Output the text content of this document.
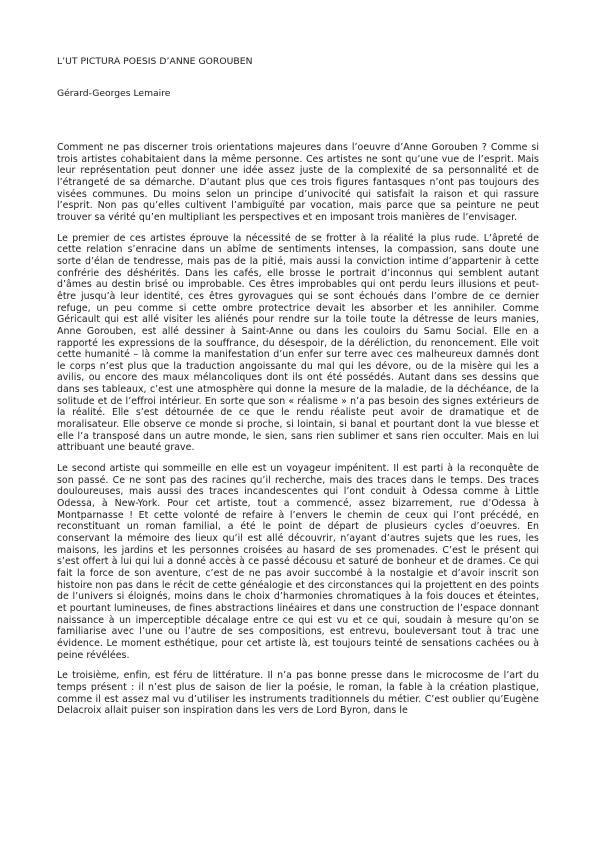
L’UT PICTURA POESIS D’ANNE GOROUBEN

Gérard-Georges Lemaire

Comment ne pas discerner trois orientations majeures dans l’oeuvre d’Anne Gorouben ? Comme si trois artistes cohabitaient dans la même personne. Ces artistes ne sont qu’une vue de l’esprit. Mais leur représentation peut donner une idée assez juste de la complexité de sa personnalité et de l’étrangeté de sa démarche. D’autant plus que ces trois figures fantasques n’ont pas toujours des visées communes. Du moins selon un principe d’univocité qui satisfait la raison et qui rassure l’esprit. Non pas qu’elles cultivent l’ambiguïté par vocation, mais parce que sa peinture ne peut trouver sa vérité qu’en multipliant les perspectives et en imposant trois manières de l’envisager.

Le premier de ces artistes éprouve la nécessité de se frotter à la réalité la plus rude. L’âpreté de cette relation s’enracine dans un abîme de sentiments intenses, la compassion, sans doute une sorte d’élan de tendresse, mais pas de la pitié, mais aussi la conviction intime d’appartenir à cette confrérie des déshérités. Dans les cafés, elle brosse le portrait d’inconnus qui semblent autant d’âmes au destin brisé ou improbable. Ces êtres improbables qui ont perdu leurs illusions et peut-être jusqu’à leur identité, ces êtres gyrovagues qui se sont échoués dans l’ombre de ce dernier refuge, un peu comme si cette ombre protectrice devait les absorber et les annihiler. Comme Géricault qui est allé visiter les aliénés pour rendre sur la toile toute la détresse de leurs manies, Anne Gorouben, est allé dessiner à Saint-Anne ou dans les couloirs du Samu Social. Elle en a rapporté les expressions de la souffrance, du désespoir, de la déréliction, du renoncement. Elle voit cette humanité – là comme la manifestation d’un enfer sur terre avec ces malheureux damnés dont le corps n’est plus que la traduction angoissante du mal qui les dévore, ou de la misère qui les a avilis, ou encore des maux mélancoliques dont ils ont été possédés. Autant dans ses dessins que dans ses tableaux, c’est une atmosphère qui donne la mesure de la maladie, de la déchéance, de la solitude et de l’effroi intérieur. En sorte que son « réalisme » n’a pas besoin des signes extérieurs de la réalité. Elle s’est détournée de ce que le rendu réaliste peut avoir de dramatique et de moralisateur. Elle observe ce monde si proche, si lointain, si banal et pourtant dont la vue blesse et elle l’a transposé dans un autre monde, le sien, sans rien sublimer et sans rien occulter. Mais en lui attribuant une beauté grave.

Le second artiste qui sommeille en elle est un voyageur impénitent. Il est parti à la reconquête de son passé. Ce ne sont pas des racines qu’il recherche, mais des traces dans le temps. Des traces douloureuses, mais aussi des traces incandescentes qui l’ont conduit à Odessa comme à Little Odessa, à New-York. Pour cet artiste, tout a commencé, assez bizarrement, rue d’Odessa à Montparnasse ! Et cette volonté de refaire à l’envers le chemin de ceux qui l’ont précédé, en reconstituant un roman familial, a été le point de départ de plusieurs cycles d’oeuvres. En conservant la mémoire des lieux qu’il est allé découvrir, n’ayant d’autres sujets que les rues, les maisons, les jardins et les personnes croisées au hasard de ses promenades. C’est le présent qui s’est offert à lui qui lui a donné accès à ce passé décousu et saturé de bonheur et de drames. Ce qui fait la force de son aventure, c’est de ne pas avoir succombé à la nostalgie et d’avoir inscrit son histoire non pas dans le récit de cette généalogie et des circonstances qui la projettent en des points de l’univers si éloignés, moins dans le choix d’harmonies chromatiques à la fois douces et éteintes, et pourtant lumineuses, de fines abstractions linéaires et dans une construction de l’espace donnant naissance à un imperceptible décalage entre ce qui est vu et ce qui, soudain à mesure qu’on se familiarise avec l’une ou l’autre de ses compositions, est entrevu, bouleversant tout à trac une évidence. Le moment esthétique, pour cet artiste là, est toujours teinté de sensations cachées ou à peine révélées.

Le troisième, enfin, est féru de littérature. Il n’a pas bonne presse dans le microcosme de l’art du temps présent : il n’est plus de saison de lier la poésie, le roman, la fable à la création plastique, comme il est assez mal vu d’utiliser les instruments traditionnels du métier. C’est oublier qu’Eugène Delacroix allait puiser son inspiration dans les vers de Lord Byron, dans le
